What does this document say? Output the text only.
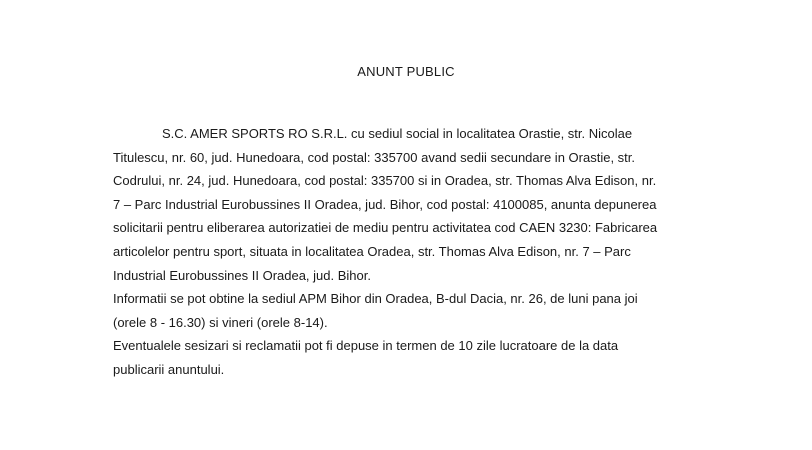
ANUNT PUBLIC

S.C. AMER SPORTS RO S.R.L. cu sediul social in localitatea Orastie, str. Nicolae

Titulescu, nr. 60, jud. Hunedoara, cod postal: 335700 avand sedii secundare in Orastie, str.

Codrului, nr. 24, jud. Hunedoara, cod postal: 335700 si in Oradea, str. Thomas Alva Edison, nr.

7 – Parc Industrial Eurobussines II Oradea, jud. Bihor, cod postal: 4100085, anunta depunerea

solicitarii pentru eliberarea autorizatiei de mediu pentru activitatea cod CAEN 3230: Fabricarea

articolelor pentru sport, situata in localitatea Oradea, str. Thomas Alva Edison, nr. 7 – Parc

Industrial Eurobussines II Oradea, jud. Bihor.

Informatii se pot obtine la sediul APM Bihor din Oradea, B-dul Dacia, nr. 26, de luni pana joi

(orele 8 - 16.30) si vineri (orele 8-14).

Eventualele sesizari si reclamatii pot fi depuse in termen de 10 zile lucratoare de la data

publicarii anuntului.
